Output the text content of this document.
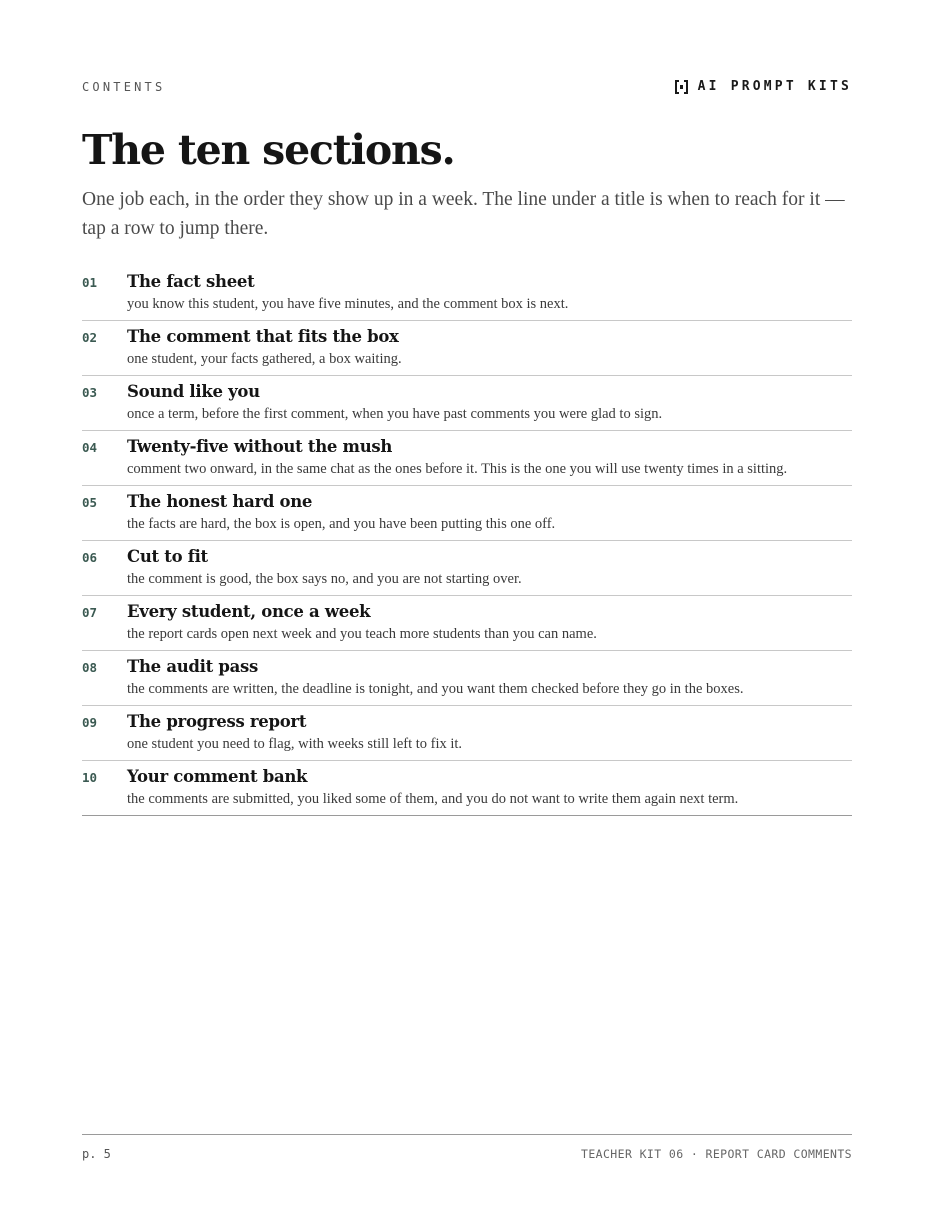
CONTENTS	AI PROMPT KITS
The ten sections.

One job each, in the order they show up in a week. The line under a title is when to reach for it — tap a row to jump there.

01 The fact sheet
you know this student, you have five minutes, and the comment box is next.
02 The comment that fits the box
one student, your facts gathered, a box waiting.
03 Sound like you
once a term, before the first comment, when you have past comments you were glad to sign.
04 Twenty-five without the mush
comment two onward, in the same chat as the ones before it. This is the one you will use twenty times in a sitting.
05 The honest hard one
the facts are hard, the box is open, and you have been putting this one off.
06 Cut to fit
the comment is good, the box says no, and you are not starting over.
07 Every student, once a week
the report cards open next week and you teach more students than you can name.
08 The audit pass
the comments are written, the deadline is tonight, and you want them checked before they go in the boxes.
09 The progress report
one student you need to flag, with weeks still left to fix it.
10 Your comment bank
the comments are submitted, you liked some of them, and you do not want to write them again next term.
p. 5	TEACHER KIT 06 · REPORT CARD COMMENTS
